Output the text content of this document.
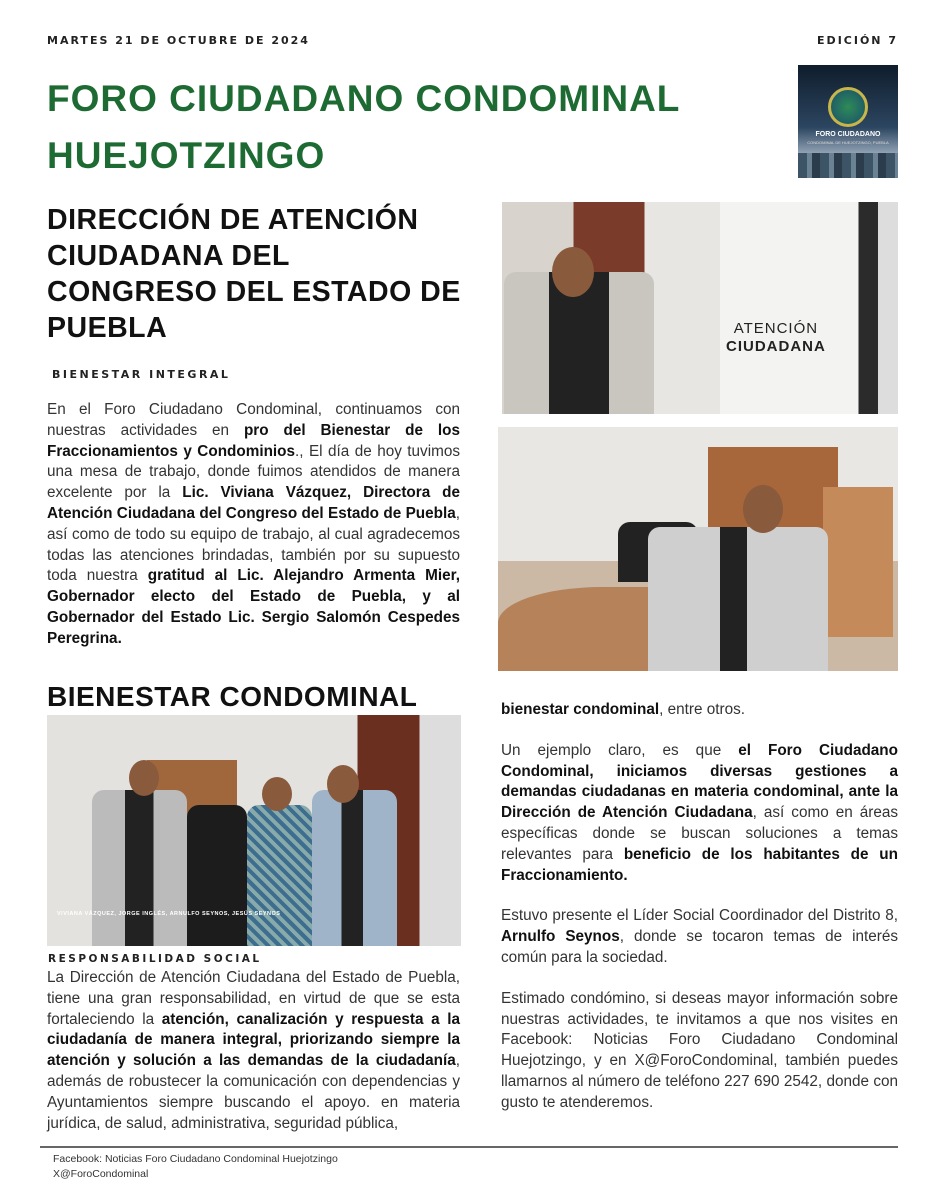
MARTES 21 DE OCTUBRE DE 2024	EDICIÓN 7
FORO CIUDADANO CONDOMINAL
HUEJOTZINGO
FORO CIUDADANO
CONDOMINAL DE HUEJOTZINGO, PUEBLA
DIRECCIÓN DE ATENCIÓN CIUDADANA DEL CONGRESO DEL ESTADO DE PUEBLA
BIENESTAR INTEGRAL
En el Foro Ciudadano Condominal, continuamos con nuestras actividades en pro del Bienestar de los Fraccionamientos y Condominios., El día de hoy tuvimos una mesa de trabajo, donde fuimos atendidos de manera excelente por la Lic. Viviana Vázquez, Directora de Atención Ciudadana del Congreso del Estado de Puebla, así como de todo su equipo de trabajo, al cual agradecemos todas las atenciones brindadas, también por su supuesto toda nuestra gratitud al Lic. Alejandro Armenta Mier, Gobernador electo del Estado de Puebla, y al Gobernador del Estado Lic. Sergio Salomón Cespedes Peregrina.
ATENCIÓN
CIUDADANA
BIENESTAR CONDOMINAL
VIVIANA VÁZQUEZ, JORGE INGLÉS, ARNULFO SEYNOS, JESÚS SEYNOS
RESPONSABILIDAD SOCIAL
La Dirección de Atención Ciudadana del Estado de Puebla, tiene una gran responsabilidad, en virtud de que se esta fortaleciendo la atención, canalización y respuesta a la ciudadanía de manera integral, priorizando siempre la atención y solución a las demandas de la ciudadanía, además de robustecer la comunicación con dependencias y Ayuntamientos siempre buscando el apoyo. en materia jurídica, de salud, administrativa, seguridad pública,

bienestar condominal, entre otros.

Un ejemplo claro, es que el Foro Ciudadano Condominal, iniciamos diversas gestiones a demandas ciudadanas en materia condominal, ante la Dirección de Atención Ciudadana, así como en áreas específicas donde se buscan soluciones a temas relevantes para beneficio de los habitantes de un Fraccionamiento.

Estuvo presente el Líder Social Coordinador del Distrito 8, Arnulfo Seynos, donde se tocaron temas de interés común para la sociedad.

Estimado condómino, si deseas mayor información sobre nuestras actividades, te invitamos a que nos visites en Facebook: Noticias Foro Ciudadano Condominal Huejotzingo, y en X@ForoCondominal, también puedes llamarnos al número de teléfono 227 690 2542, donde con gusto te atenderemos.

Facebook: Noticias Foro Ciudadano Condominal Huejotzingo
X@ForoCondominal
